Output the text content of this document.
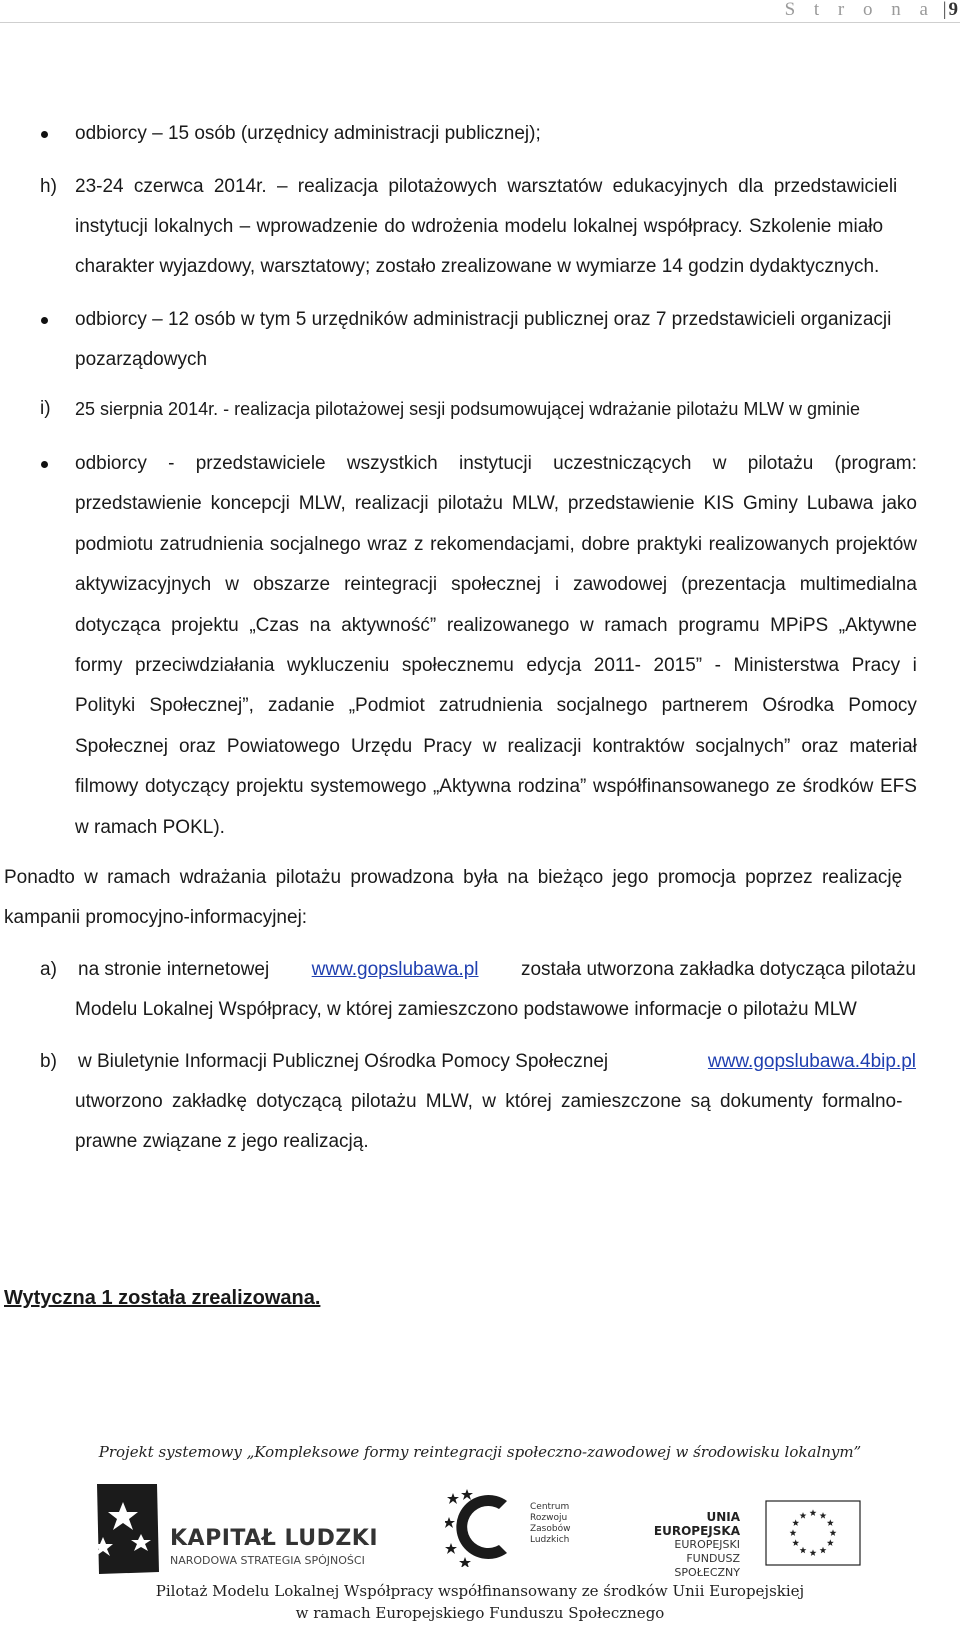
S t r o n a | 9
odbiorcy – 15 osób (urzędnicy administracji publicznej);
h) 23-24 czerwca 2014r. – realizacja pilotażowych warsztatów edukacyjnych dla przedstawicieli
instytucji lokalnych – wprowadzenie do wdrożenia modelu lokalnej współpracy. Szkolenie miało
charakter wyjazdowy, warsztatowy; zostało zrealizowane w wymiarze 14 godzin dydaktycznych.
odbiorcy – 12 osób w tym 5 urzędników administracji publicznej oraz 7 przedstawicieli organizacji
pozarządowych
i) 25 sierpnia 2014r. - realizacja pilotażowej sesji podsumowującej wdrażanie pilotażu MLW w gminie
odbiorcy - przedstawiciele wszystkich instytucji uczestniczących w pilotażu (program:
przedstawienie koncepcji MLW, realizacji pilotażu MLW, przedstawienie KIS Gminy Lubawa jako
podmiotu zatrudnienia socjalnego wraz z rekomendacjami, dobre praktyki realizowanych projektów
aktywizacyjnych w obszarze reintegracji społecznej i zawodowej (prezentacja multimedialna
dotycząca projektu „Czas na aktywność” realizowanego w ramach programu MPiPS „Aktywne
formy przeciwdziałania wykluczeniu społecznemu edycja 2011- 2015” - Ministerstwa Pracy i
Polityki Społecznej”, zadanie „Podmiot zatrudnienia socjalnego partnerem Ośrodka Pomocy
Społecznej oraz Powiatowego Urzędu Pracy w realizacji kontraktów socjalnych” oraz materiał
filmowy dotyczący projektu systemowego „Aktywna rodzina” współfinansowanego ze środków EFS
w ramach POKL).
Ponadto w ramach wdrażania pilotażu prowadzona była na bieżąco jego promocja poprzez realizację
kampanii promocyjno-informacyjnej:
a) na stronie internetowej www.gopslubawa.pl została utworzona zakładka dotycząca pilotażu
Modelu Lokalnej Współpracy, w której zamieszczono podstawowe informacje o pilotażu MLW
b) w Biuletynie Informacji Publicznej Ośrodka Pomocy Społecznej	www.gopslubawa.4bip.pl
utworzono zakładkę dotyczącą pilotażu MLW, w której zamieszczone są dokumenty formalno-
prawne związane z jego realizacją.
Wytyczna 1 została zrealizowana.
Projekt systemowy „Kompleksowe formy reintegracji społeczno-zawodowej w środowisku lokalnym”
KAPITAŁ LUDZKI
NARODOWA STRATEGIA SPÓJNOŚCI
Centrum
Rozwoju
Zasobów
Ludzkich
UNIA EUROPEJSKA
EUROPEJSKI
FUNDUSZ SPOŁECZNY
Pilotaż Modelu Lokalnej Współpracy współfinansowany ze środków Unii Europejskiej
w ramach Europejskiego Funduszu Społecznego
